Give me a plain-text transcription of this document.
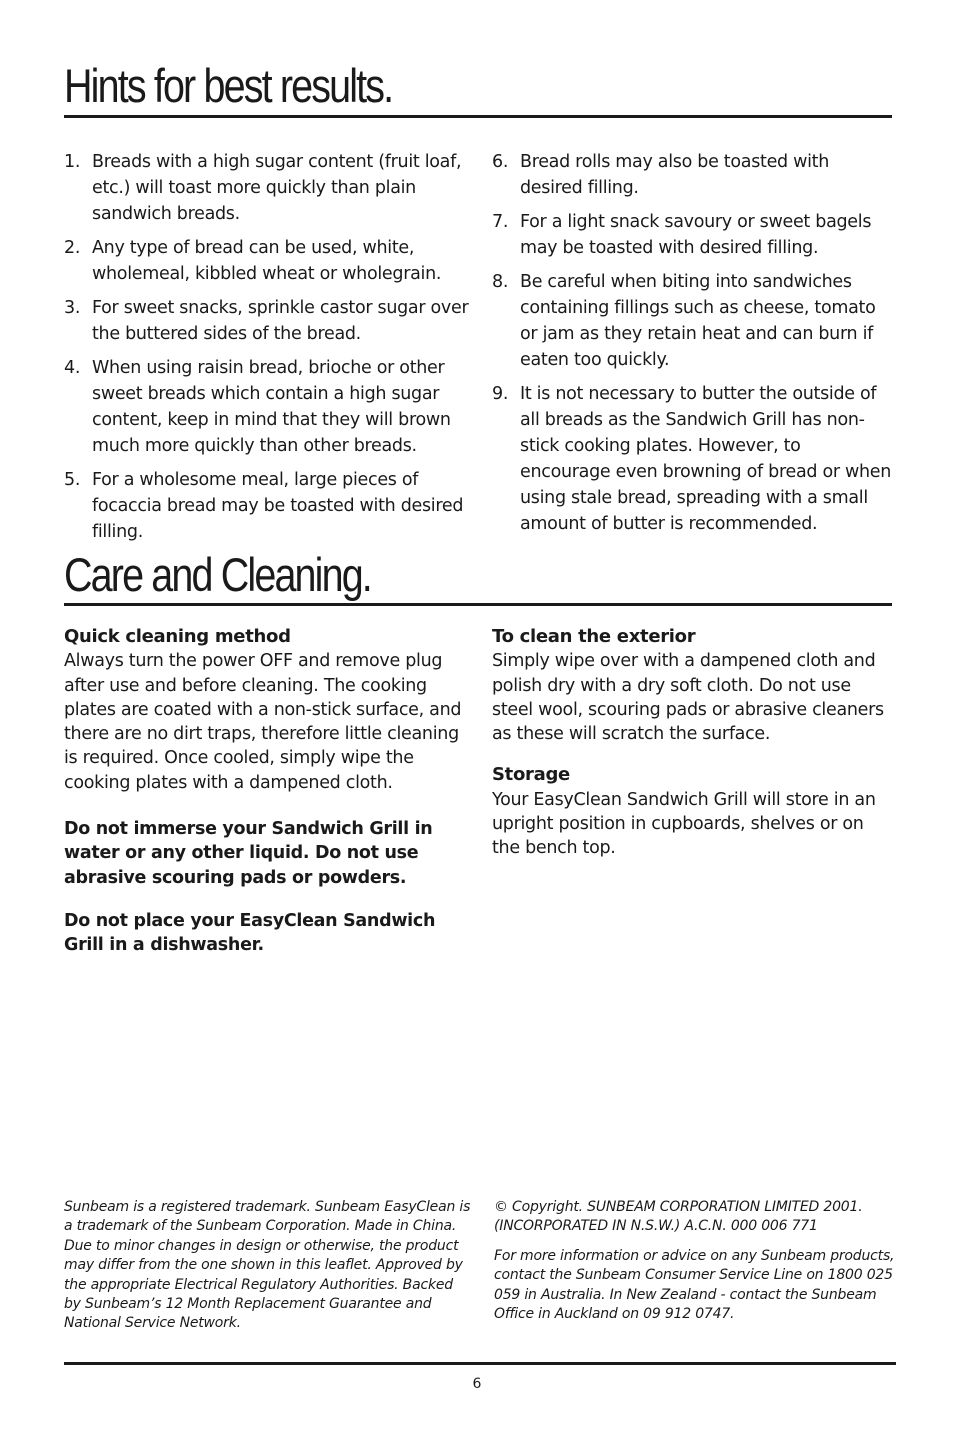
Hints for best results.
1. Breads with a high sugar content (fruit loaf, etc.) will toast more quickly than plain sandwich breads.
2. Any type of bread can be used, white, wholemeal, kibbled wheat or wholegrain.
3. For sweet snacks, sprinkle castor sugar over the buttered sides of the bread.
4. When using raisin bread, brioche or other sweet breads which contain a high sugar content, keep in mind that they will brown much more quickly than other breads.
5. For a wholesome meal, large pieces of focaccia bread may be toasted with desired filling.
6. Bread rolls may also be toasted with desired filling.
7. For a light snack savoury or sweet bagels may be toasted with desired filling.
8. Be careful when biting into sandwiches containing fillings such as cheese, tomato or jam as they retain heat and can burn if eaten too quickly.
9. It is not necessary to butter the outside of all breads as the Sandwich Grill has non-stick cooking plates. However, to encourage even browning of bread or when using stale bread, spreading with a small amount of butter is recommended.
Care and Cleaning.

Quick cleaning method

Always turn the power OFF and remove plug after use and before cleaning. The cooking plates are coated with a non-stick surface, and there are no dirt traps, therefore little cleaning is required. Once cooled, simply wipe the cooking plates with a dampened cloth.

Do not immerse your Sandwich Grill in water or any other liquid. Do not use abrasive scouring pads or powders.

Do not place your EasyClean Sandwich Grill in a dishwasher.

To clean the exterior

Simply wipe over with a dampened cloth and polish dry with a dry soft cloth. Do not use steel wool, scouring pads or abrasive cleaners as these will scratch the surface.

Storage

Your EasyClean Sandwich Grill will store in an upright position in cupboards, shelves or on the bench top.

Sunbeam is a registered trademark. Sunbeam EasyClean is a trademark of the Sunbeam Corporation. Made in China. Due to minor changes in design or otherwise, the product may differ from the one shown in this leaflet. Approved by the appropriate Electrical Regulatory Authorities. Backed by Sunbeam’s 12 Month Replacement Guarantee and National Service Network.

© Copyright. SUNBEAM CORPORATION LIMITED 2001. (INCORPORATED IN N.S.W.) A.C.N. 000 006 771

For more information or advice on any Sunbeam products, contact the Sunbeam Consumer Service Line on 1800 025 059 in Australia. In New Zealand - contact the Sunbeam Office in Auckland on 09 912 0747.

6
